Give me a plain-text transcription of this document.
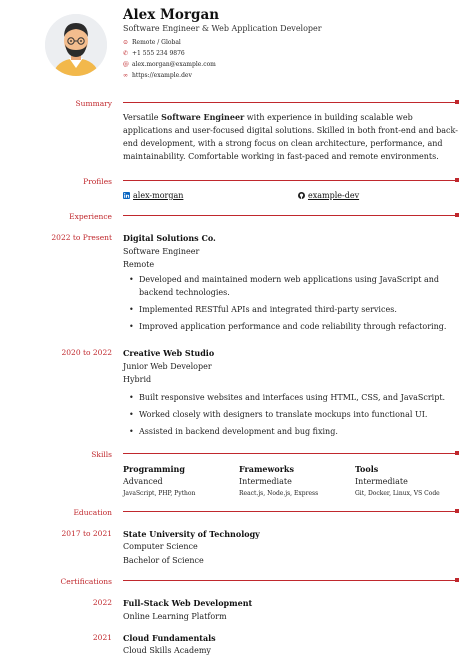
Alex Morgan
Software Engineer & Web Application Developer
⊙ Remote / Global
✆ +1 555 234 9876
@ alex.morgan@example.com
∞ https://example.dev
Summary
Versatile Software Engineer with experience in building scalable web applications and user-focused digital solutions. Skilled in both front-end and back-end development, with a strong focus on clean architecture, performance, and maintainability. Comfortable working in fast-paced and remote environments.
Profiles
alex-morgan	example-dev
Experience
2022 to Present Digital Solutions Co.
Software Engineer
Remote
• Developed and maintained modern web applications using JavaScript and backend technologies.
• Implemented RESTful APIs and integrated third-party services.
• Improved application performance and code reliability through refactoring.
2020 to 2022 Creative Web Studio
Junior Web Developer
Hybrid
• Built responsive websites and interfaces using HTML, CSS, and JavaScript.
• Worked closely with designers to translate mockups into functional UI.
• Assisted in backend development and bug fixing.
Skills
Programming
Advanced
JavaScript, PHP, Python
Frameworks
Intermediate
React.js, Node.js, Express
Tools
Intermediate
Git, Docker, Linux, VS Code
Education
2017 to 2021 State University of Technology
Computer Science
Bachelor of Science
Certifications
2022 Full-Stack Web Development
Online Learning Platform
2021 Cloud Fundamentals
Cloud Skills Academy
